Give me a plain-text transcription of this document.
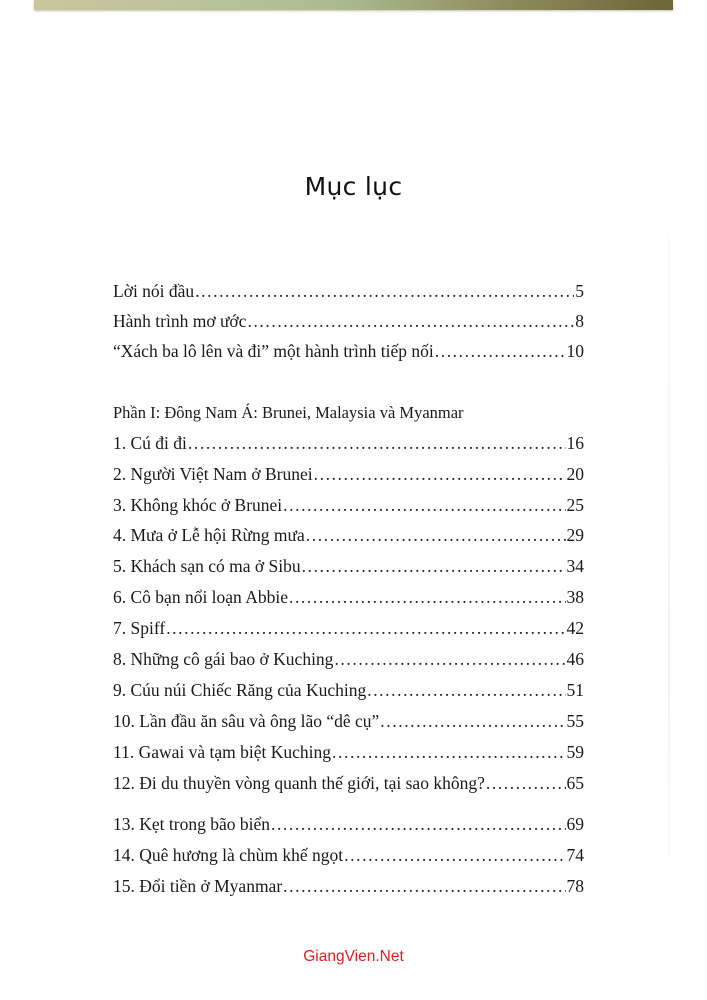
Mục lục
Lời nói đầu .....	5
Hành trình mơ ước .....	8
“Xách ba lô lên và đi” một hành trình tiếp nối .....	10
Phần I: Đông Nam Á: Brunei, Malaysia và Myanmar
1. Cú đi đi .....	16
2. Người Việt Nam ở Brunei .....	20
3. Không khóc ở Brunei .....	25
4. Mưa ở Lễ hội Rừng mưa .....	29
5. Khách sạn có ma ở Sibu .....	34
6. Cô bạn nổi loạn Abbie .....	38
7. Spiff .....	42
8. Những cô gái bao ở Kuching .....	46
9. Cúu núi Chiếc Răng của Kuching .....	51
10. Lần đầu ăn sâu và ông lão “dê cụ” .....	55
11. Gawai và tạm biệt Kuching .....	59
12. Đi du thuyền vòng quanh thế giới, tại sao không? .....	65
13. Kẹt trong bão biển .....	69
14. Quê hương là chùm khế ngọt .....	74
15. Đổi tiền ở Myanmar .....	78
GiangVien.Net
